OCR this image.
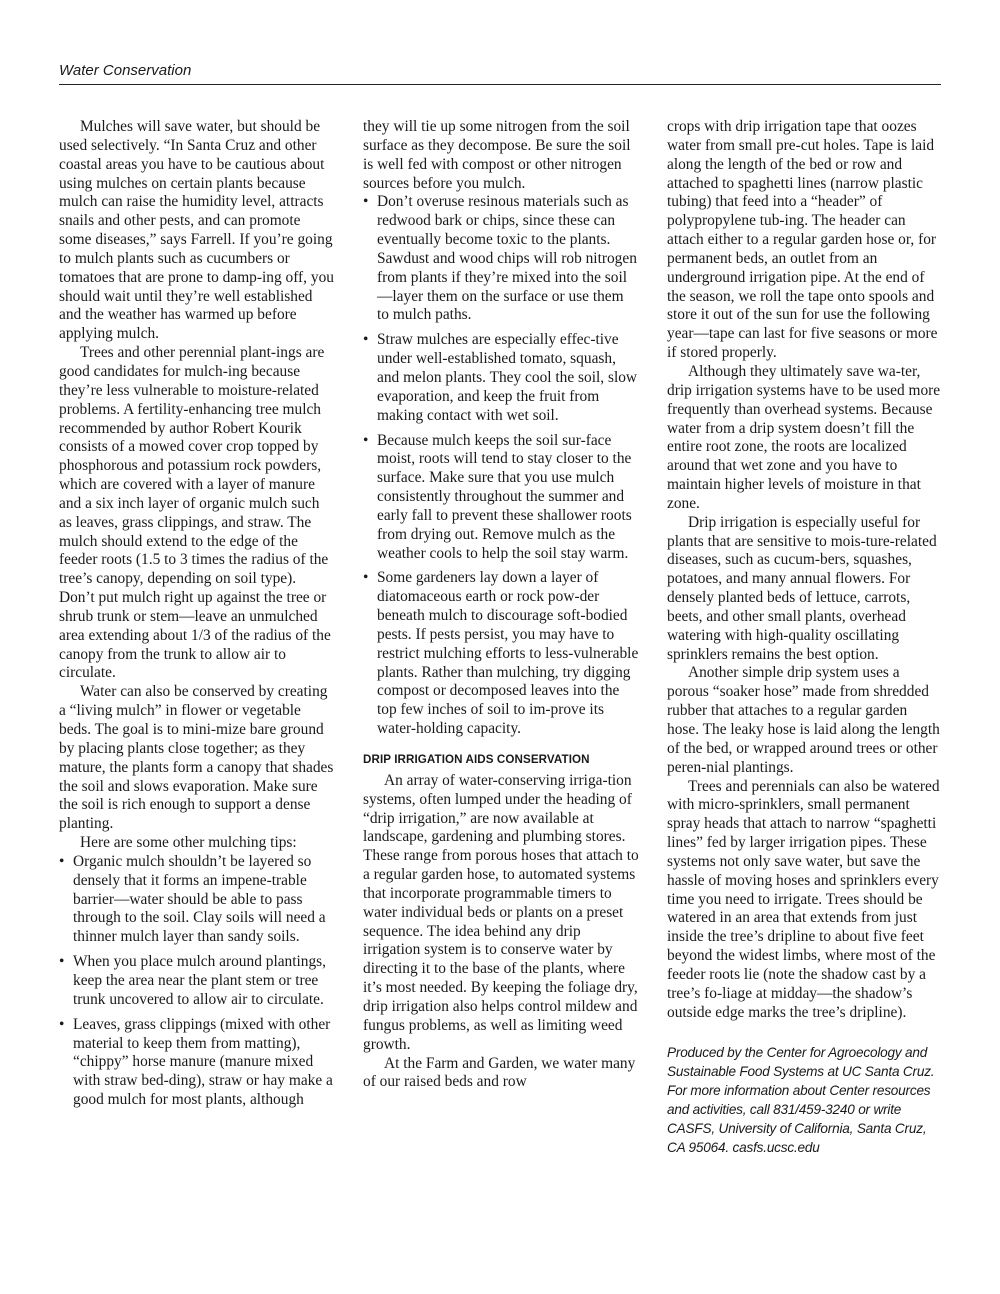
Water Conservation

Mulches will save water, but should be used selectively. “In Santa Cruz and other coastal areas you have to be cautious about using mulches on certain plants because mulch can raise the humidity level, attracts snails and other pests, and can promote some diseases,” says Farrell. If you’re going to mulch plants such as cucumbers or tomatoes that are prone to damp-ing off, you should wait until they’re well established and the weather has warmed up before applying mulch.

Trees and other perennial plant-ings are good candidates for mulch-ing because they’re less vulnerable to moisture-related problems. A fertility-enhancing tree mulch recommended by author Robert Kourik consists of a mowed cover crop topped by phosphorous and potassium rock powders, which are covered with a layer of manure and a six inch layer of organic mulch such as leaves, grass clippings, and straw. The mulch should extend to the edge of the feeder roots (1.5 to 3 times the radius of the tree’s canopy, depending on soil type). Don’t put mulch right up against the tree or shrub trunk or stem—leave an unmulched area extending about 1/3 of the radius of the canopy from the trunk to allow air to circulate.

Water can also be conserved by creating a “living mulch” in flower or vegetable beds. The goal is to mini-mize bare ground by placing plants close together; as they mature, the plants form a canopy that shades the soil and slows evaporation. Make sure the soil is rich enough to support a dense planting.

Here are some other mulching tips:

• Organic mulch shouldn’t be layered so densely that it forms an impene-trable barrier—water should be able to pass through to the soil. Clay soils will need a thinner mulch layer than sandy soils.
• When you place mulch around plantings, keep the area near the plant stem or tree trunk uncovered to allow air to circulate.
• Leaves, grass clippings (mixed with other material to keep them from matting), “chippy” horse manure (manure mixed with straw bed-ding), straw or hay make a good mulch for most plants, although

they will tie up some nitrogen from the soil surface as they decompose. Be sure the soil is well fed with compost or other nitrogen sources before you mulch.

• Don’t overuse resinous materials such as redwood bark or chips, since these can eventually become toxic to the plants. Sawdust and wood chips will rob nitrogen from plants if they’re mixed into the soil —layer them on the surface or use them to mulch paths.
• Straw mulches are especially effec-tive under well-established tomato, squash, and melon plants. They cool the soil, slow evaporation, and keep the fruit from making contact with wet soil.
• Because mulch keeps the soil sur-face moist, roots will tend to stay closer to the surface. Make sure that you use mulch consistently throughout the summer and early fall to prevent these shallower roots from drying out. Remove mulch as the weather cools to help the soil stay warm.
• Some gardeners lay down a layer of diatomaceous earth or rock pow-der beneath mulch to discourage soft-bodied pests. If pests persist, you may have to restrict mulching efforts to less-vulnerable plants. Rather than mulching, try digging compost or decomposed leaves into the top few inches of soil to im-prove its water-holding capacity.
DRIP IRRIGATION AIDS CONSERVATION

An array of water-conserving irriga-tion systems, often lumped under the heading of “drip irrigation,” are now available at landscape, gardening and plumbing stores. These range from porous hoses that attach to a regular garden hose, to automated systems that incorporate programmable timers to water individual beds or plants on a preset sequence. The idea behind any drip irrigation system is to conserve water by directing it to the base of the plants, where it’s most needed. By keeping the foliage dry, drip irrigation also helps control mildew and fungus problems, as well as limiting weed growth.

At the Farm and Garden, we water many of our raised beds and row

crops with drip irrigation tape that oozes water from small pre-cut holes. Tape is laid along the length of the bed or row and attached to spaghetti lines (narrow plastic tubing) that feed into a “header” of polypropylene tub-ing. The header can attach either to a regular garden hose or, for permanent beds, an outlet from an underground irrigation pipe. At the end of the season, we roll the tape onto spools and store it out of the sun for use the following year—tape can last for five seasons or more if stored properly.

Although they ultimately save wa-ter, drip irrigation systems have to be used more frequently than overhead systems. Because water from a drip system doesn’t fill the entire root zone, the roots are localized around that wet zone and you have to maintain higher levels of moisture in that zone.

Drip irrigation is especially useful for plants that are sensitive to mois-ture-related diseases, such as cucum-bers, squashes, potatoes, and many annual flowers. For densely planted beds of lettuce, carrots, beets, and other small plants, overhead watering with high-quality oscillating sprinklers remains the best option.

Another simple drip system uses a porous “soaker hose” made from shredded rubber that attaches to a regular garden hose. The leaky hose is laid along the length of the bed, or wrapped around trees or other peren-nial plantings.

Trees and perennials can also be watered with micro-sprinklers, small permanent spray heads that attach to narrow “spaghetti lines” fed by larger irrigation pipes. These systems not only save water, but save the hassle of moving hoses and sprinklers every time you need to irrigate. Trees should be watered in an area that extends from just inside the tree’s dripline to about five feet beyond the widest limbs, where most of the feeder roots lie (note the shadow cast by a tree’s fo-liage at midday—the shadow’s outside edge marks the tree’s dripline).

Produced by the Center for Agroecology and Sustainable Food Systems at UC Santa Cruz. For more information about Center resources and activities, call 831/459-3240 or write CASFS, University of California, Santa Cruz, CA 95064. casfs.ucsc.edu
